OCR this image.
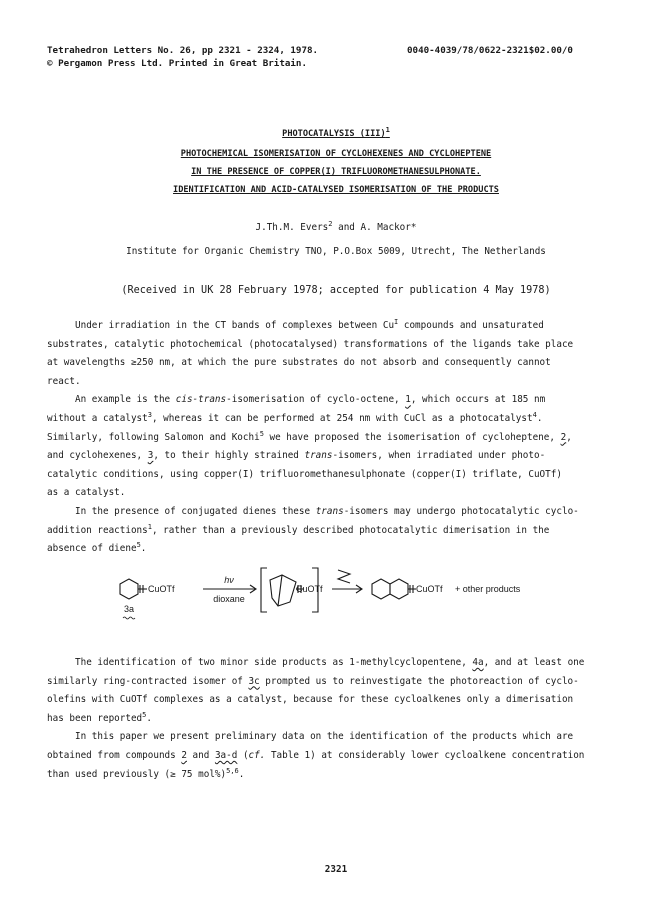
Tetrahedron Letters No. 26, pp 2321 - 2324, 1978.
© Pergamon Press Ltd. Printed in Great Britain.
0040-4039/78/0622-2321$02.00/0
PHOTOCATALYSIS (III)$^1$
PHOTOCHEMICAL ISOMERISATION OF CYCLOHEXENES AND CYCLOHEPTENE
IN THE PRESENCE OF COPPER(I) TRIFLUOROMETHANESULPHONATE.
IDENTIFICATION AND ACID-CATALYSED ISOMERISATION OF THE PRODUCTS
J.Th.M. Evers$^2$ and A. Mackor*
Institute for Organic Chemistry TNO, P.O.Box 5009, Utrecht, The Netherlands
(Received in UK 28 February 1978; accepted for publication 4 May 1978)
Under irradiation in the CT bands of complexes between $Cu^I$ compounds and unsaturated
substrates, catalytic photochemical (photocatalysed) transformations of the ligands take place
at wavelengths ≥250 nm, at which the pure substrates do not absorb and consequently cannot
react.
An example is the cis-trans-isomerisation of cyclo-octene, 1, which occurs at 185 nm
without a catalyst$^3$, whereas it can be performed at 254 nm with CuCl as a photocatalyst$^4$.
Similarly, following Salomon and Kochi$^5$ we have proposed the isomerisation of cycloheptene, 2,
and cyclohexenes, 3, to their highly strained trans-isomers, when irradiated under photo-
catalytic conditions, using copper(I) trifluoromethanesulphonate (copper(I) triflate, CuOTf)
as a catalyst.
In the presence of conjugated dienes these trans-isomers may undergo photocatalytic cyclo-
addition reactions$^1$, rather than a previously described photocatalytic dimerisation in the
absence of diene$^5$.
CuOTf
3a
hν
dioxane
CuOTf	CuOTf + other products
The identification of two minor side products as 1-methylcyclopentene, 4a, and at least one
similarly ring-contracted isomer of 3c prompted us to reinvestigate the photoreaction of cyclo-
olefins with CuOTf complexes as a catalyst, because for these cycloalkenes only a dimerisation
has been reported$^5$.
In this paper we present preliminary data on the identification of the products which are
obtained from compounds 2 and 3a-d (cf. Table 1) at considerably lower cycloalkene concentration
than used previously (≥ 75 mol%)$^{5,6}$.
2321
